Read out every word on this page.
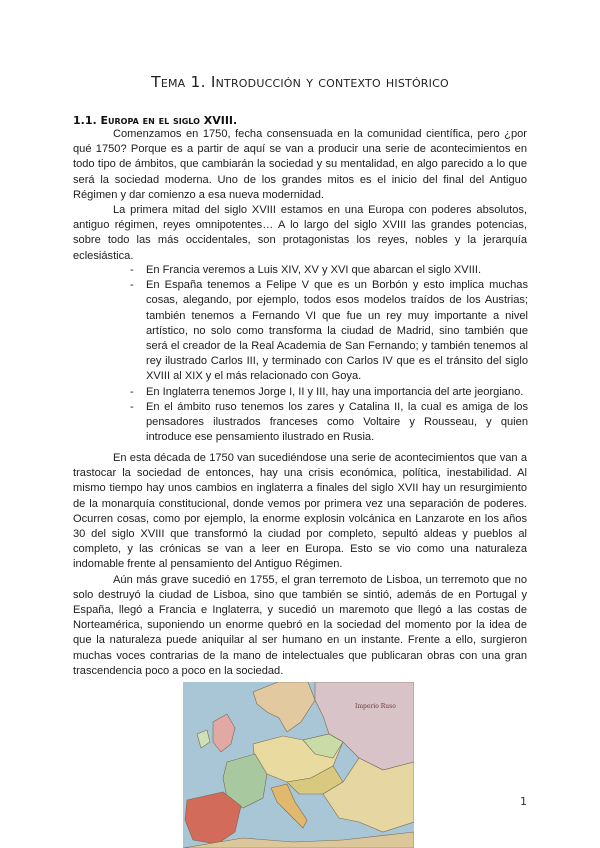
Tema 1. Introducción y contexto histórico
1.1. Europa en el siglo XVIII.

Comenzamos en 1750, fecha consensuada en la comunidad científica, pero ¿por qué 1750? Porque es a partir de aquí se van a producir una serie de acontecimientos en todo tipo de ámbitos, que cambiarán la sociedad y su mentalidad, en algo parecido a lo que será la sociedad moderna. Uno de los grandes mitos es el inicio del final del Antiguo Régimen y dar comienzo a esa nueva modernidad.

La primera mitad del siglo XVIII estamos en una Europa con poderes absolutos, antiguo régimen, reyes omnipotentes… A lo largo del siglo XVIII las grandes potencias, sobre todo las más occidentales, son protagonistas los reyes, nobles y la jerarquía eclesiástica.

- En Francia veremos a Luis XIV, XV y XVI que abarcan el siglo XVIII.
- En España tenemos a Felipe V que es un Borbón y esto implica muchas cosas, alegando, por ejemplo, todos esos modelos traídos de los Austrias; también tenemos a Fernando VI que fue un rey muy importante a nivel artístico, no solo como transforma la ciudad de Madrid, sino también que será el creador de la Real Academia de San Fernando; y también tenemos al rey ilustrado Carlos III, y terminado con Carlos IV que es el tránsito del siglo XVIII al XIX y el más relacionado con Goya.
- En Inglaterra tenemos Jorge I, II y III, hay una importancia del arte jeorgiano.
- En el ámbito ruso tenemos los zares y Catalina II, la cual es amiga de los pensadores ilustrados franceses como Voltaire y Rousseau, y quien introduce ese pensamiento ilustrado en Rusia.

En esta década de 1750 van sucediéndose una serie de acontecimientos que van a trastocar la sociedad de entonces, hay una crisis económica, política, inestabilidad. Al mismo tiempo hay unos cambios en inglaterra a finales del siglo XVII hay un resurgimiento de la monarquía constitucional, donde vemos por primera vez una separación de poderes. Ocurren cosas, como por ejemplo, la enorme explosin volcánica en Lanzarote en los años 30 del siglo XVIII que transformó la ciudad por completo, sepultó aldeas y pueblos al completo, y las crónicas se van a leer en Europa. Esto se vio como una naturaleza indomable frente al pensamiento del Antiguo Régimen.

Aún más grave sucedió en 1755, el gran terremoto de Lisboa, un terremoto que no solo destruyó la ciudad de Lisboa, sino que también se sintió, además de en Portugal y España, llegó a Francia e Inglaterra, y sucedió un maremoto que llegó a las costas de Norteamérica, suponiendo un enorme quebró en la sociedad del momento por la idea de que la naturaleza puede aniquilar al ser humano en un instante. Frente a ello, surgieron muchas voces contrarias de la mano de intelectuales que publicaran obras con una gran trascendencia poco a poco en la sociedad.

Imperio Ruso
1
